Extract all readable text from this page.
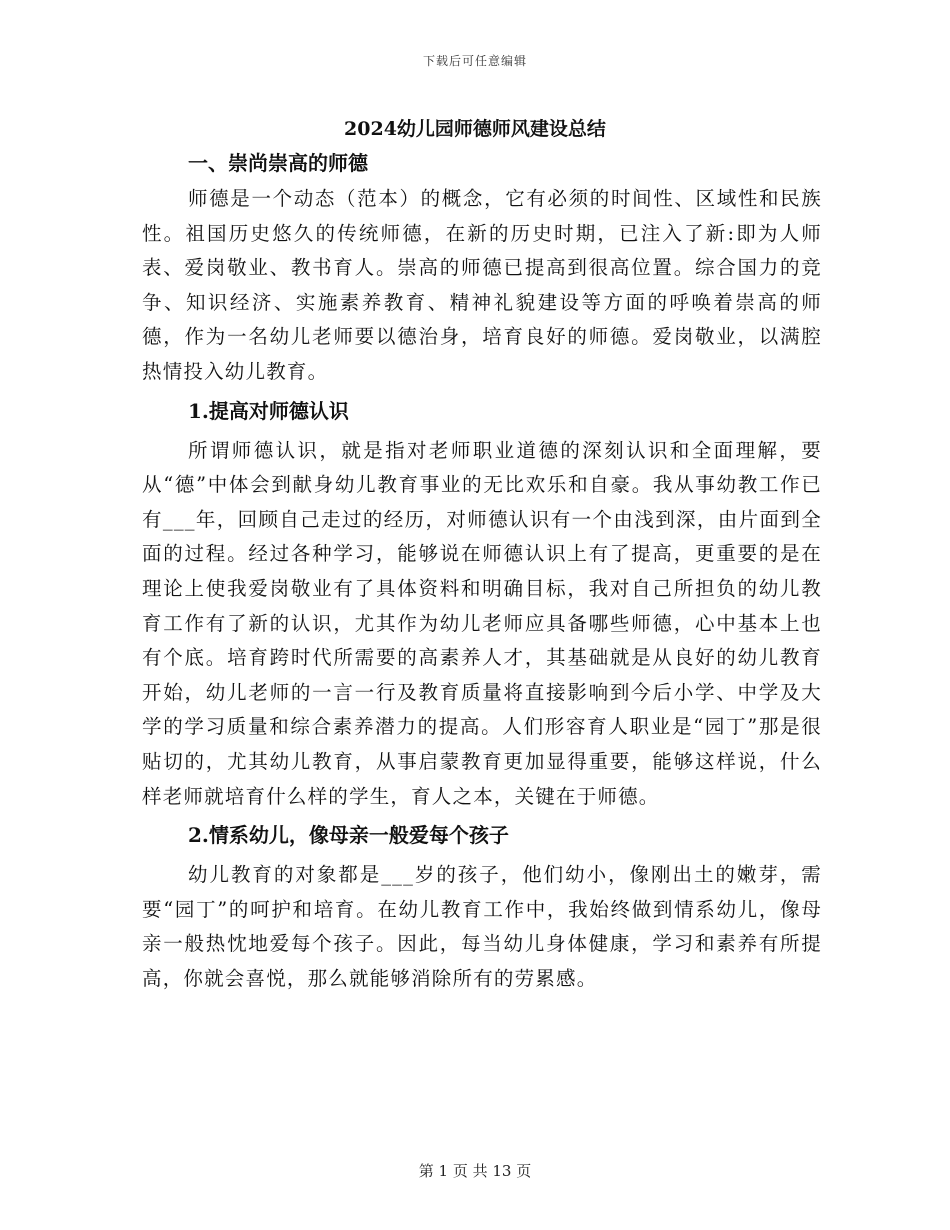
下载后可任意编辑
2024幼儿园师德师风建设总结
一、崇尚崇高的师德

师德是一个动态（范本）的概念，它有必须的时间性、区域性和民族性。祖国历史悠久的传统师德，在新的历史时期，已注入了新:即为人师表、爱岗敬业、教书育人。崇高的师德已提高到很高位置。综合国力的竞争、知识经济、实施素养教育、精神礼貌建设等方面的呼唤着崇高的师德，作为一名幼儿老师要以德治身，培育良好的师德。爱岗敬业，以满腔热情投入幼儿教育。

1.提高对师德认识

所谓师德认识，就是指对老师职业道德的深刻认识和全面理解，要从“德”中体会到献身幼儿教育事业的无比欢乐和自豪。我从事幼教工作已有___年，回顾自己走过的经历，对师德认识有一个由浅到深，由片面到全面的过程。经过各种学习，能够说在师德认识上有了提高，更重要的是在理论上使我爱岗敬业有了具体资料和明确目标，我对自己所担负的幼儿教育工作有了新的认识，尤其作为幼儿老师应具备哪些师德，心中基本上也有个底。培育跨时代所需要的高素养人才，其基础就是从良好的幼儿教育开始，幼儿老师的一言一行及教育质量将直接影响到今后小学、中学及大学的学习质量和综合素养潜力的提高。人们形容育人职业是“园丁”那是很贴切的，尤其幼儿教育，从事启蒙教育更加显得重要，能够这样说，什么样老师就培育什么样的学生，育人之本，关键在于师德。

2.情系幼儿，像母亲一般爱每个孩子

幼儿教育的对象都是___岁的孩子，他们幼小，像刚出土的嫩芽，需要“园丁”的呵护和培育。在幼儿教育工作中，我始终做到情系幼儿，像母亲一般热忱地爱每个孩子。因此，每当幼儿身体健康，学习和素养有所提高，你就会喜悦，那么就能够消除所有的劳累感。

第 1 页 共 13 页
